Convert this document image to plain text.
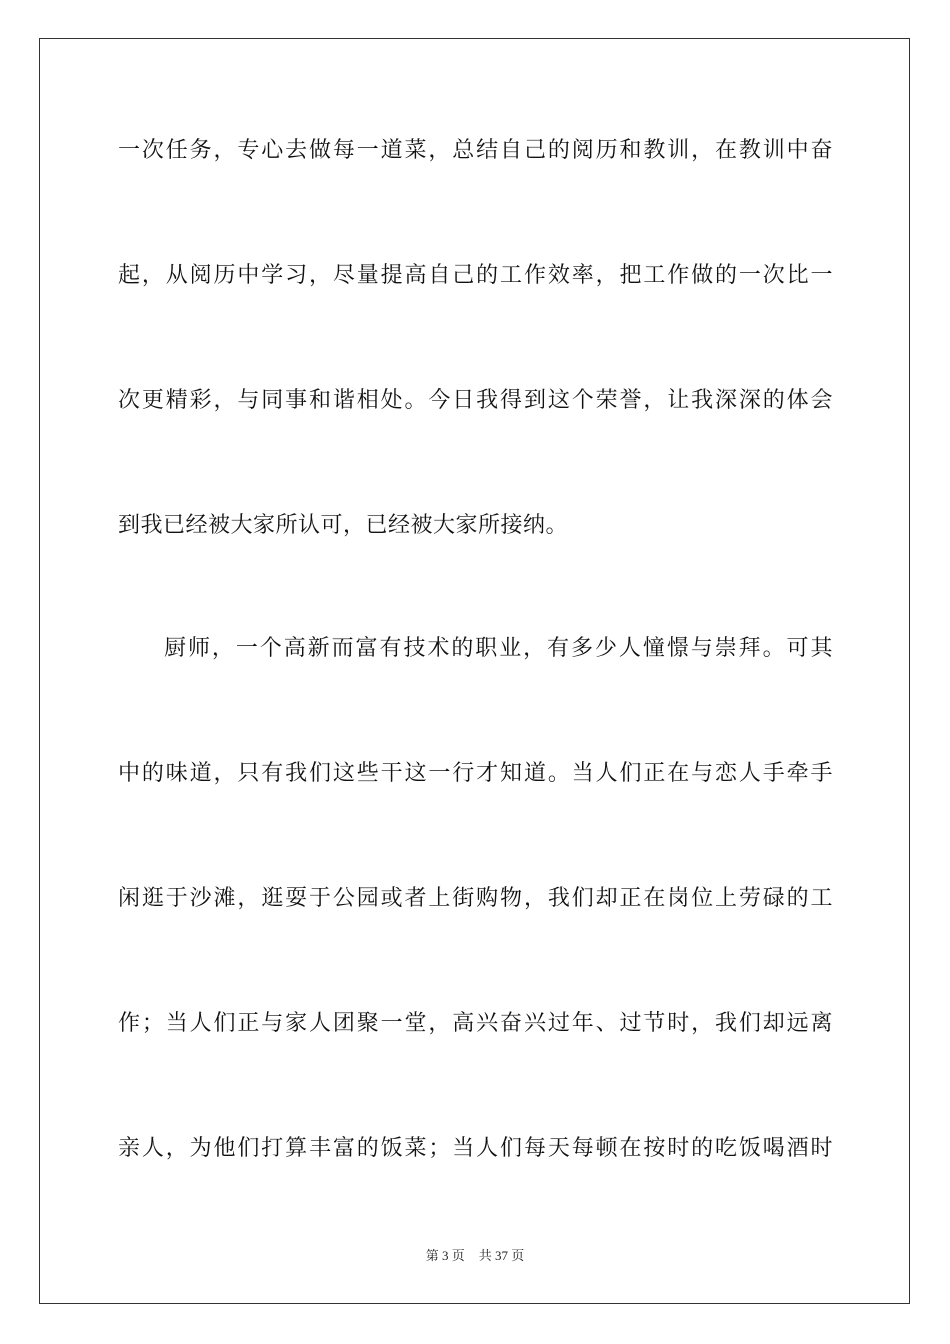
一次任务，专心去做每一道菜，总结自己的阅历和教训，在教训中奋
起，从阅历中学习，尽量提高自己的工作效率，把工作做的一次比一
次更精彩，与同事和谐相处。今日我得到这个荣誉，让我深深的体会
到我已经被大家所认可，已经被大家所接纳。
厨师，一个高新而富有技术的职业，有多少人憧憬与崇拜。可其
中的味道，只有我们这些干这一行才知道。当人们正在与恋人手牵手
闲逛于沙滩，逛耍于公园或者上街购物，我们却正在岗位上劳碌的工
作；当人们正与家人团聚一堂，高兴奋兴过年、过节时，我们却远离
亲人，为他们打算丰富的饭菜；当人们每天每顿在按时的吃饭喝酒时
第 3 页 共 37 页
